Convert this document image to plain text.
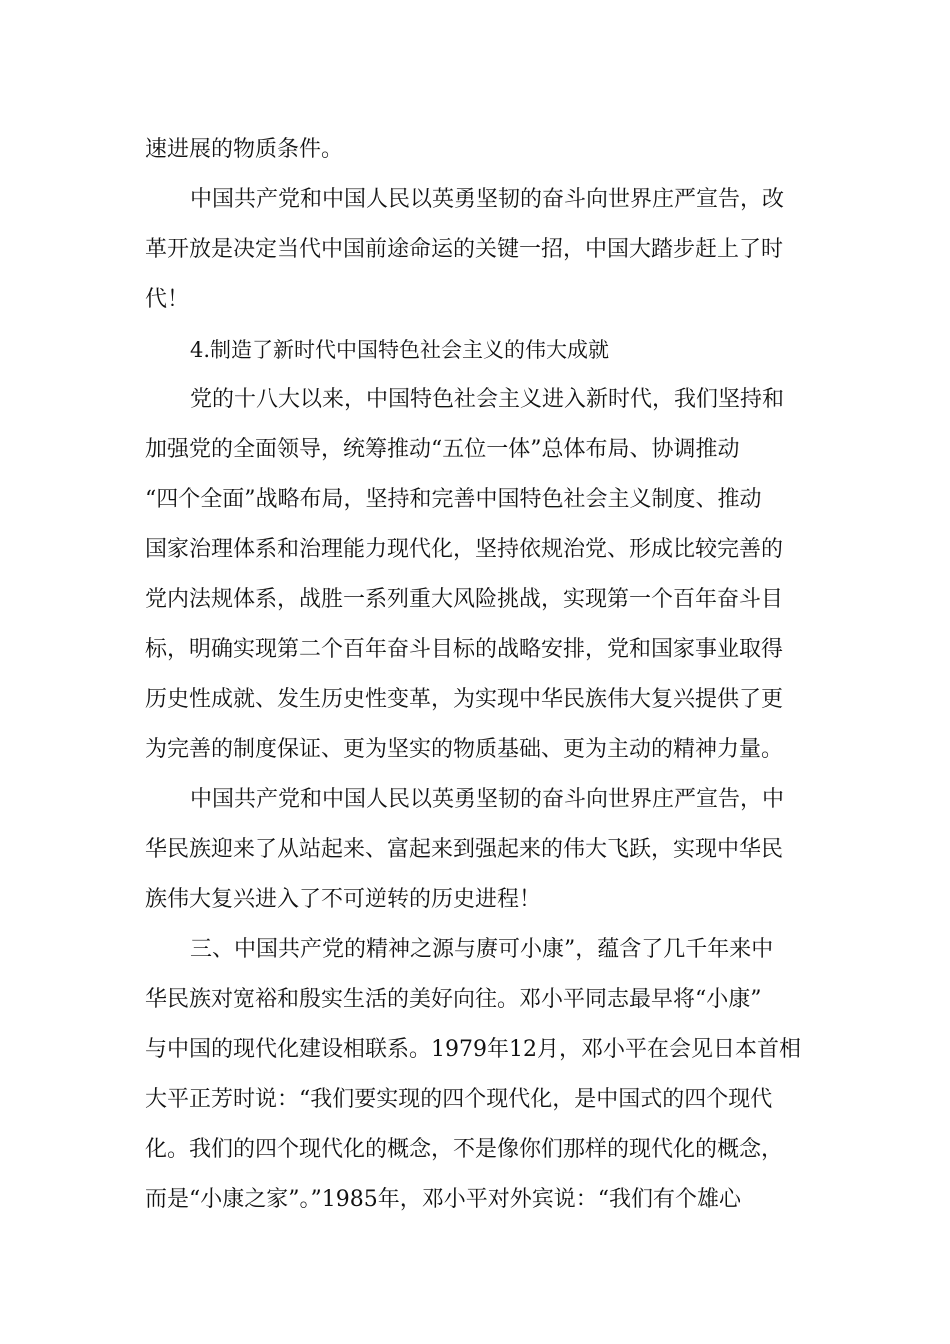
速进展的物质条件。

中国共产党和中国人民以英勇坚韧的奋斗向世界庄严宣告，改

革开放是决定当代中国前途命运的关键一招，中国大踏步赶上了时

代！

4.制造了新时代中国特色社会主义的伟大成就

党的十八大以来，中国特色社会主义进入新时代，我们坚持和

加强党的全面领导，统筹推动“五位一体”总体布局、协调推动

“四个全面”战略布局，坚持和完善中国特色社会主义制度、推动

国家治理体系和治理能力现代化，坚持依规治党、形成比较完善的

党内法规体系，战胜一系列重大风险挑战，实现第一个百年奋斗目

标，明确实现第二个百年奋斗目标的战略安排，党和国家事业取得

历史性成就、发生历史性变革，为实现中华民族伟大复兴提供了更

为完善的制度保证、更为坚实的物质基础、更为主动的精神力量。

中国共产党和中国人民以英勇坚韧的奋斗向世界庄严宣告，中

华民族迎来了从站起来、富起来到强起来的伟大飞跃，实现中华民

族伟大复兴进入了不可逆转的历史进程！

三、中国共产党的精神之源与赓可小康”，蕴含了几千年来中

华民族对宽裕和殷实生活的美好向往。邓小平同志最早将“小康”

与中国的现代化建设相联系。1979年12月，邓小平在会见日本首相

大平正芳时说：“我们要实现的四个现代化，是中国式的四个现代

化。我们的四个现代化的概念，不是像你们那样的现代化的概念，

而是“小康之家”。”1985年，邓小平对外宾说：“我们有个雄心
